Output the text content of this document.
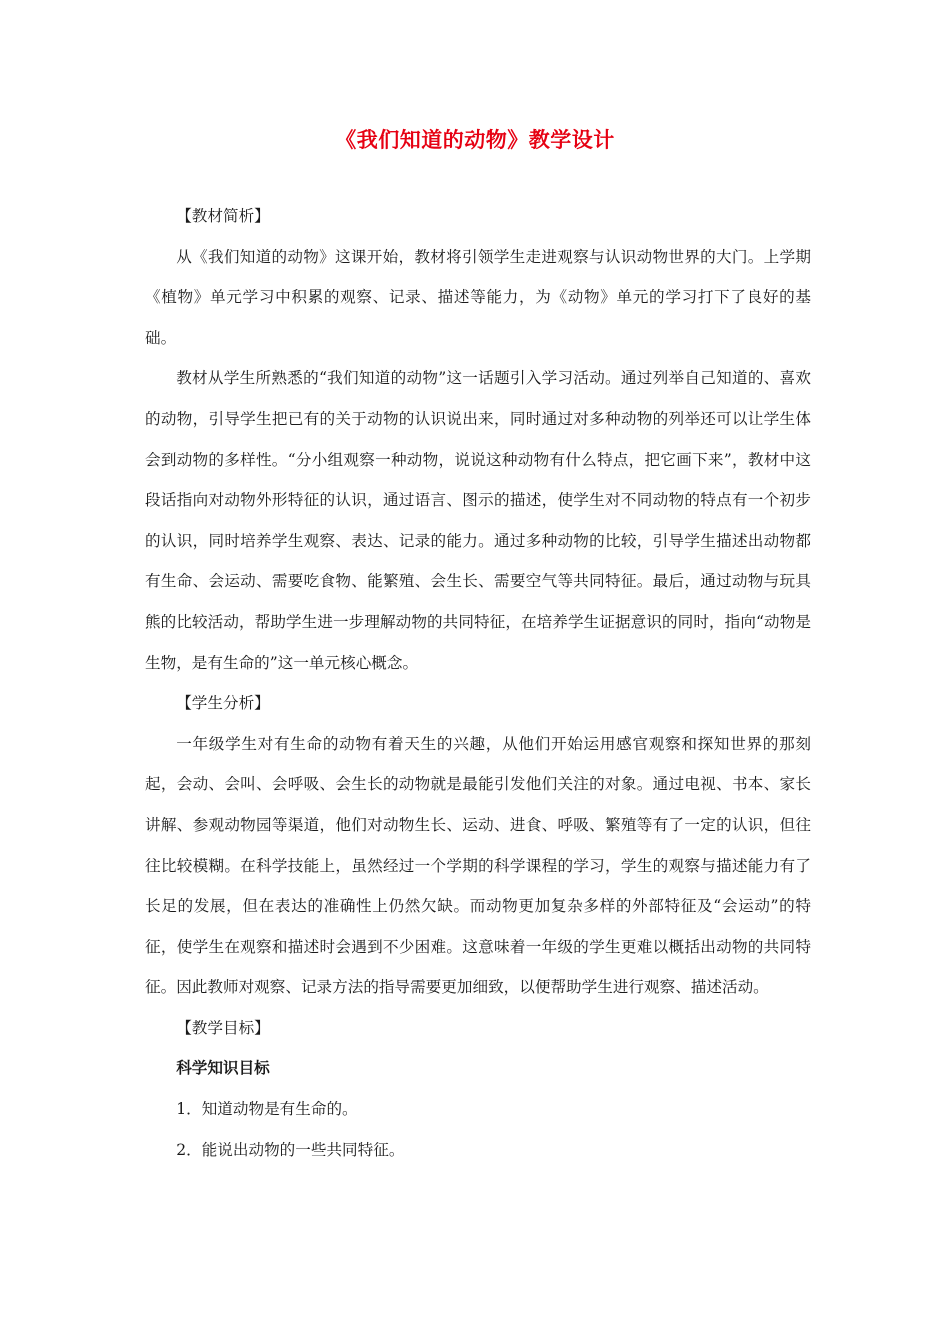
《我们知道的动物》教学设计

【教材简析】

从《我们知道的动物》这课开始，教材将引领学生走进观察与认识动物世界的大门。上学期《植物》单元学习中积累的观察、记录、描述等能力，为《动物》单元的学习打下了良好的基础。

教材从学生所熟悉的“我们知道的动物”这一话题引入学习活动。通过列举自己知道的、喜欢的动物，引导学生把已有的关于动物的认识说出来，同时通过对多种动物的列举还可以让学生体会到动物的多样性。“分小组观察一种动物，说说这种动物有什么特点，把它画下来”，教材中这段话指向对动物外形特征的认识，通过语言、图示的描述，使学生对不同动物的特点有一个初步的认识，同时培养学生观察、表达、记录的能力。通过多种动物的比较，引导学生描述出动物都有生命、会运动、需要吃食物、能繁殖、会生长、需要空气等共同特征。最后，通过动物与玩具熊的比较活动，帮助学生进一步理解动物的共同特征，在培养学生证据意识的同时，指向“动物是生物，是有生命的”这一单元核心概念。

【学生分析】

一年级学生对有生命的动物有着天生的兴趣，从他们开始运用感官观察和探知世界的那刻起，会动、会叫、会呼吸、会生长的动物就是最能引发他们关注的对象。通过电视、书本、家长讲解、参观动物园等渠道，他们对动物生长、运动、进食、呼吸、繁殖等有了一定的认识，但往往比较模糊。在科学技能上，虽然经过一个学期的科学课程的学习，学生的观察与描述能力有了长足的发展，但在表达的准确性上仍然欠缺。而动物更加复杂多样的外部特征及“会运动”的特征，使学生在观察和描述时会遇到不少困难。这意味着一年级的学生更难以概括出动物的共同特征。因此教师对观察、记录方法的指导需要更加细致，以便帮助学生进行观察、描述活动。

【教学目标】

科学知识目标

1．知道动物是有生命的。

2．能说出动物的一些共同特征。
